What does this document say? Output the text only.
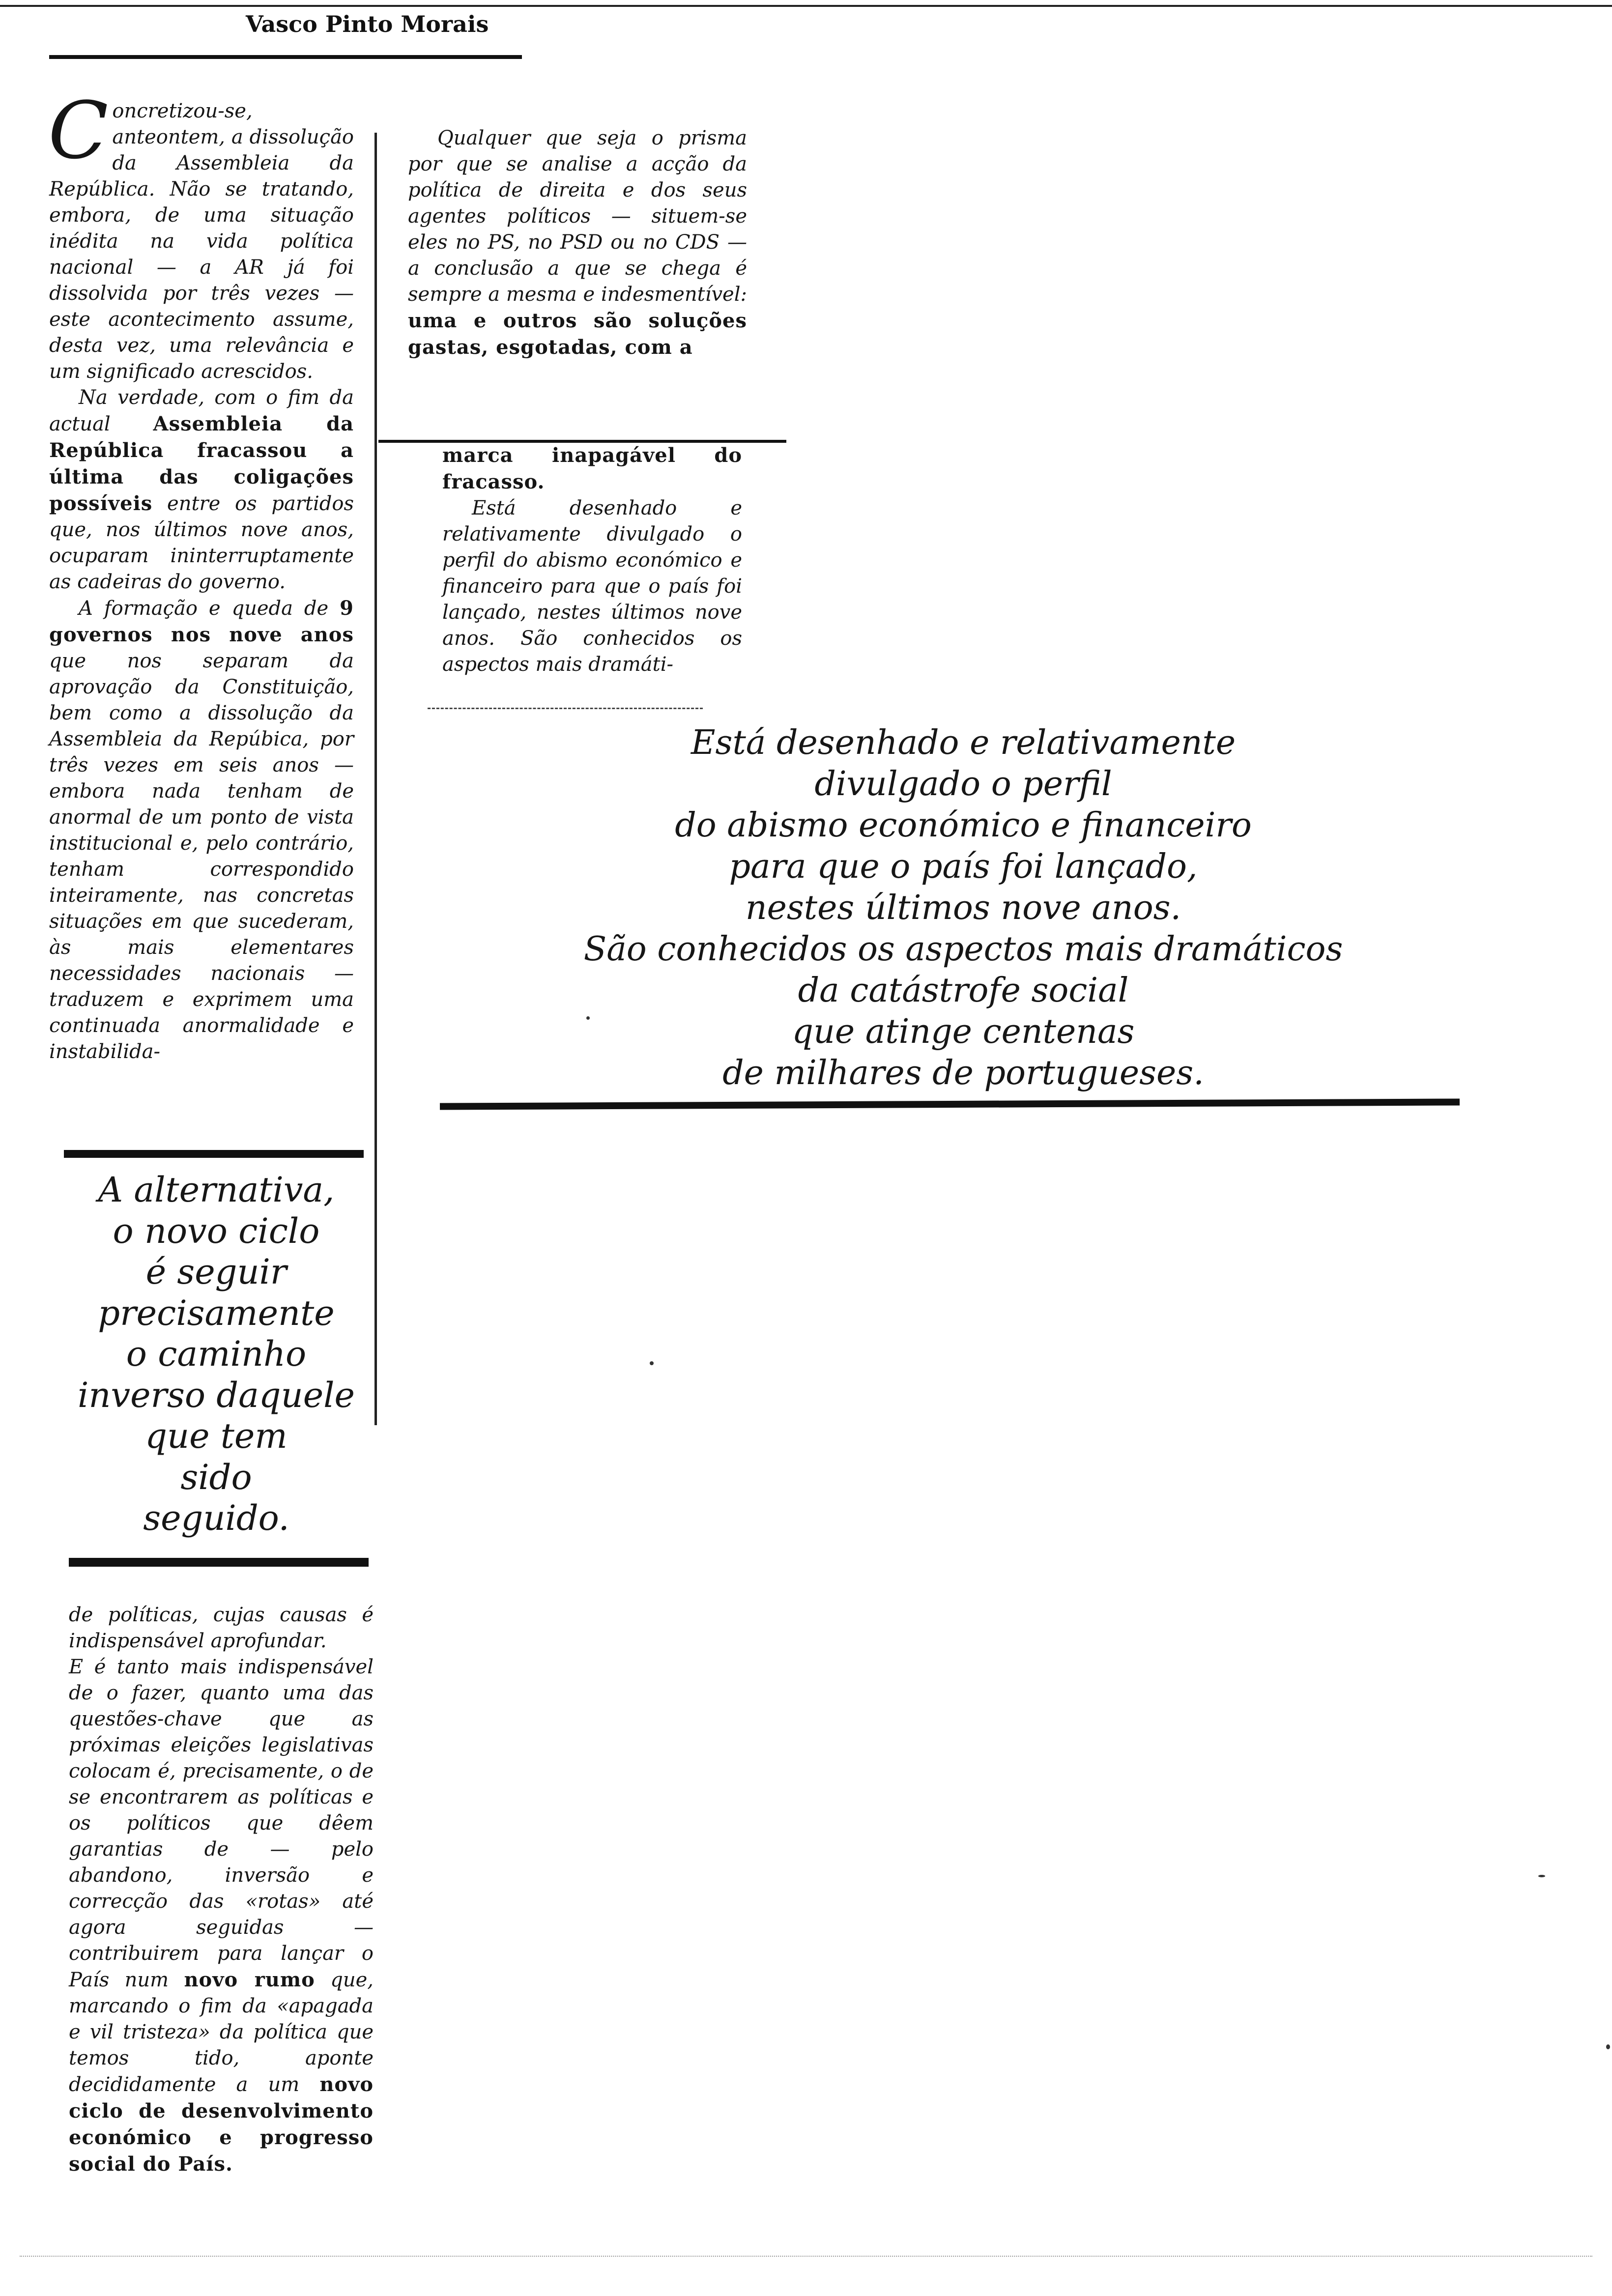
Vasco Pinto Morais

Concretizou-se, anteontem, a dissolução da Assembleia da República. Não se tratando, embora, de uma situação inédita na vida política nacional — a AR já foi dissolvida por três vezes — este acontecimento assume, desta vez, uma relevância e um significado acrescidos.

Na verdade, com o fim da actual Assembleia da República fracassou a última das coligações possíveis entre os partidos que, nos últimos nove anos, ocuparam ininterruptamente as cadeiras do governo.

A formação e queda de 9 governos nos nove anos que nos separam da aprovação da Constituição, bem como a dissolução da Assembleia da Repúbica, por três vezes em seis anos — embora nada tenham de anormal de um ponto de vista institucional e, pelo contrário, tenham correspondido inteiramente, nas concretas situações em que sucederam, às mais elementares necessidades nacionais — traduzem e exprimem uma continuada anormalidade e instabilida-

Qualquer que seja o prisma por que se analise a acção da política de direita e dos seus agentes políticos — situem-se eles no PS, no PSD ou no CDS — a conclusão a que se chega é sempre a mesma e indesmentível: uma e outros são soluções gastas, esgotadas, com a

marca inapagável do fracasso.

Está desenhado e relativamente divulgado o perfil do abismo económico e financeiro para que o país foi lançado, nestes últimos nove anos. São conhecidos os aspectos mais dramáti-

Está desenhado e relativamente
divulgado o perfil
do abismo económico e financeiro
para que o país foi lançado,
nestes últimos nove anos.
São conhecidos os aspectos mais dramáticos
da catástrofe social
que atinge centenas
de milhares de portugueses.
A alternativa,
o novo ciclo
é seguir
precisamente
o caminho
inverso daquele
que tem
sido
seguido.

de políticas, cujas causas é indispensável aprofundar.

E é tanto mais indispensável de o fazer, quanto uma das questões-chave que as próximas eleições legislativas colocam é, precisamente, o de se encontrarem as políticas e os políticos que dêem garantias de — pelo abandono, inversão e correcção das «rotas» até agora seguidas — contribuirem para lançar o País num novo rumo que, marcando o fim da «apagada e vil tristeza» da política que temos tido, aponte decididamente a um novo ciclo de desenvolvimento económico e progresso social do País.
